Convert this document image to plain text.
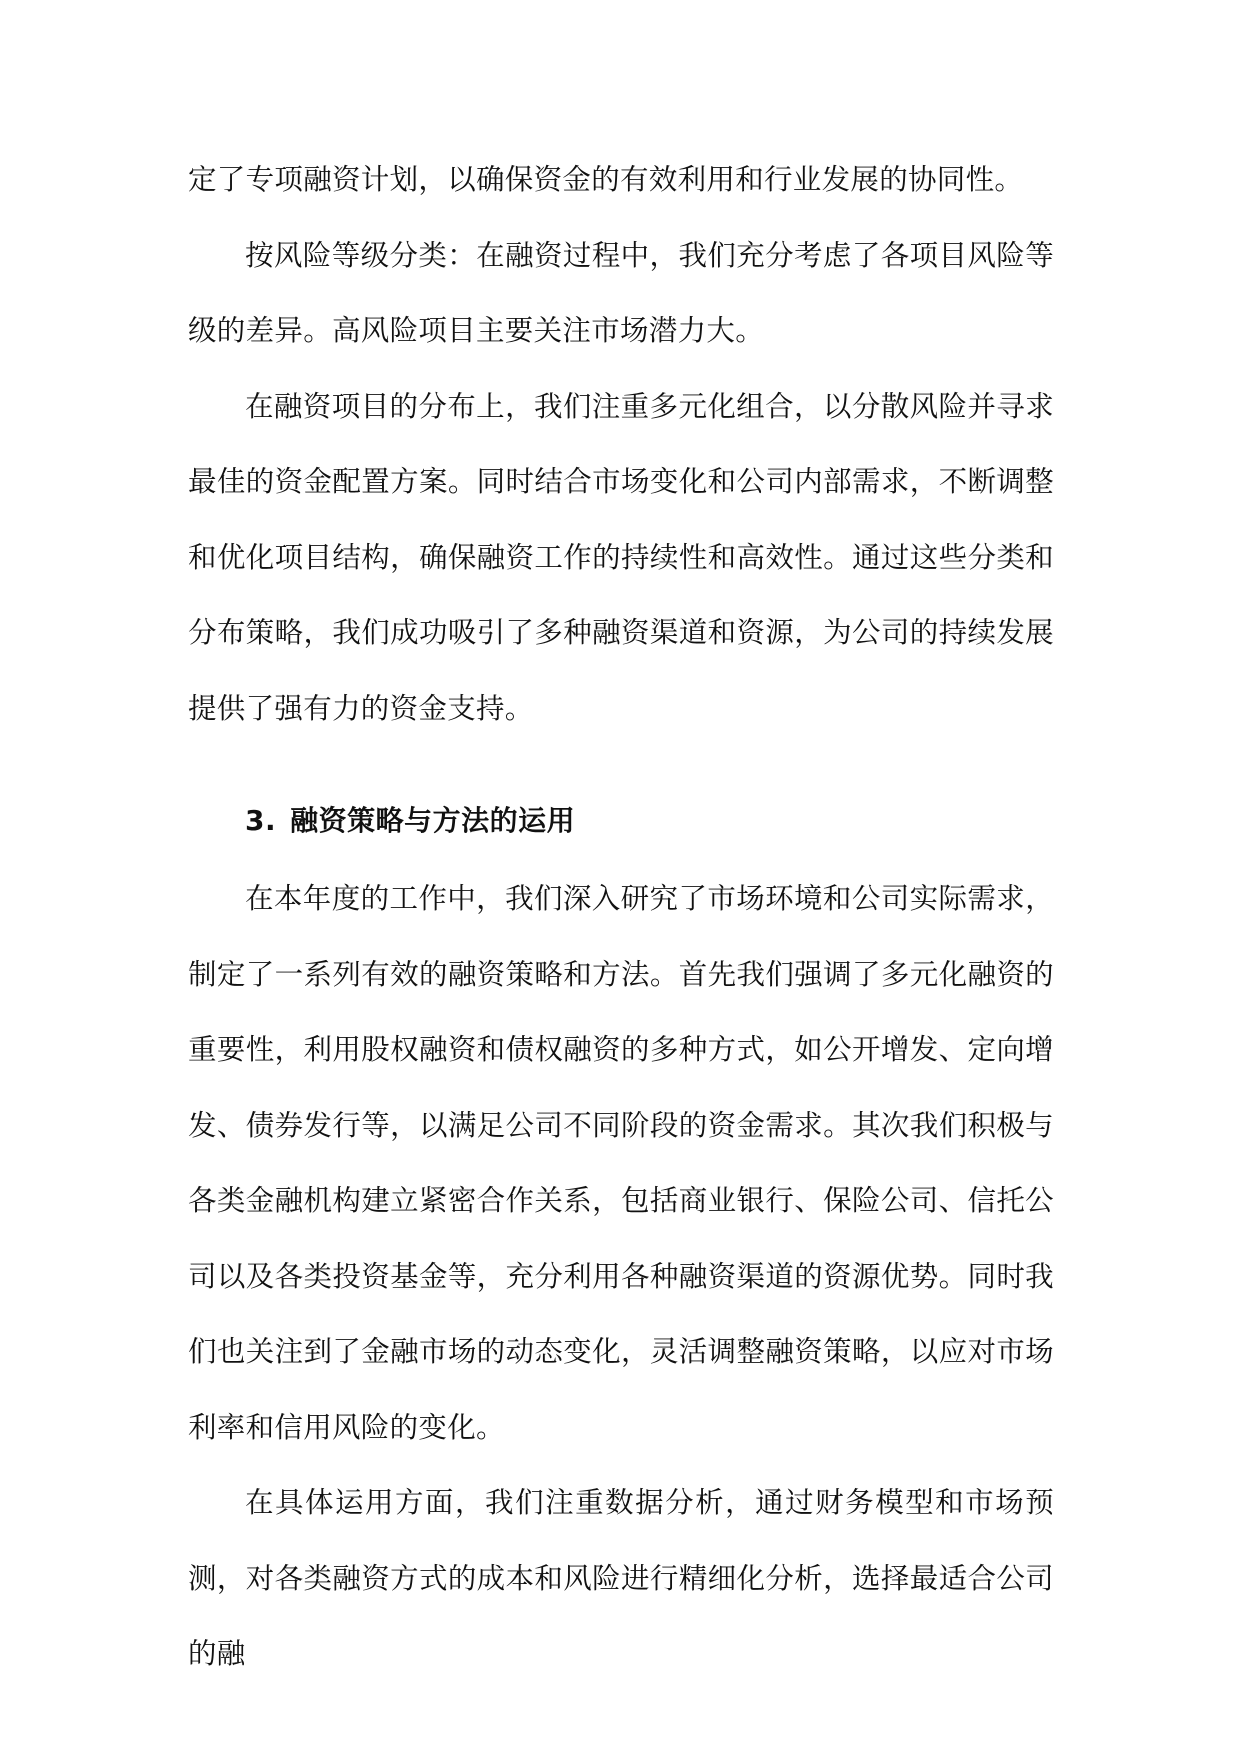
定了专项融资计划，以确保资金的有效利用和行业发展的协同性。

按风险等级分类：在融资过程中，我们充分考虑了各项目风险等级的差异。高风险项目主要关注市场潜力大。

在融资项目的分布上，我们注重多元化组合，以分散风险并寻求最佳的资金配置方案。同时结合市场变化和公司内部需求，不断调整和优化项目结构，确保融资工作的持续性和高效性。通过这些分类和分布策略，我们成功吸引了多种融资渠道和资源，为公司的持续发展提供了强有力的资金支持。

3. 融资策略与方法的运用

在本年度的工作中，我们深入研究了市场环境和公司实际需求，制定了一系列有效的融资策略和方法。首先我们强调了多元化融资的重要性，利用股权融资和债权融资的多种方式，如公开增发、定向增发、债券发行等，以满足公司不同阶段的资金需求。其次我们积极与各类金融机构建立紧密合作关系，包括商业银行、保险公司、信托公司以及各类投资基金等，充分利用各种融资渠道的资源优势。同时我们也关注到了金融市场的动态变化，灵活调整融资策略，以应对市场利率和信用风险的变化。

在具体运用方面，我们注重数据分析，通过财务模型和市场预测，对各类融资方式的成本和风险进行精细化分析，选择最适合公司的融
